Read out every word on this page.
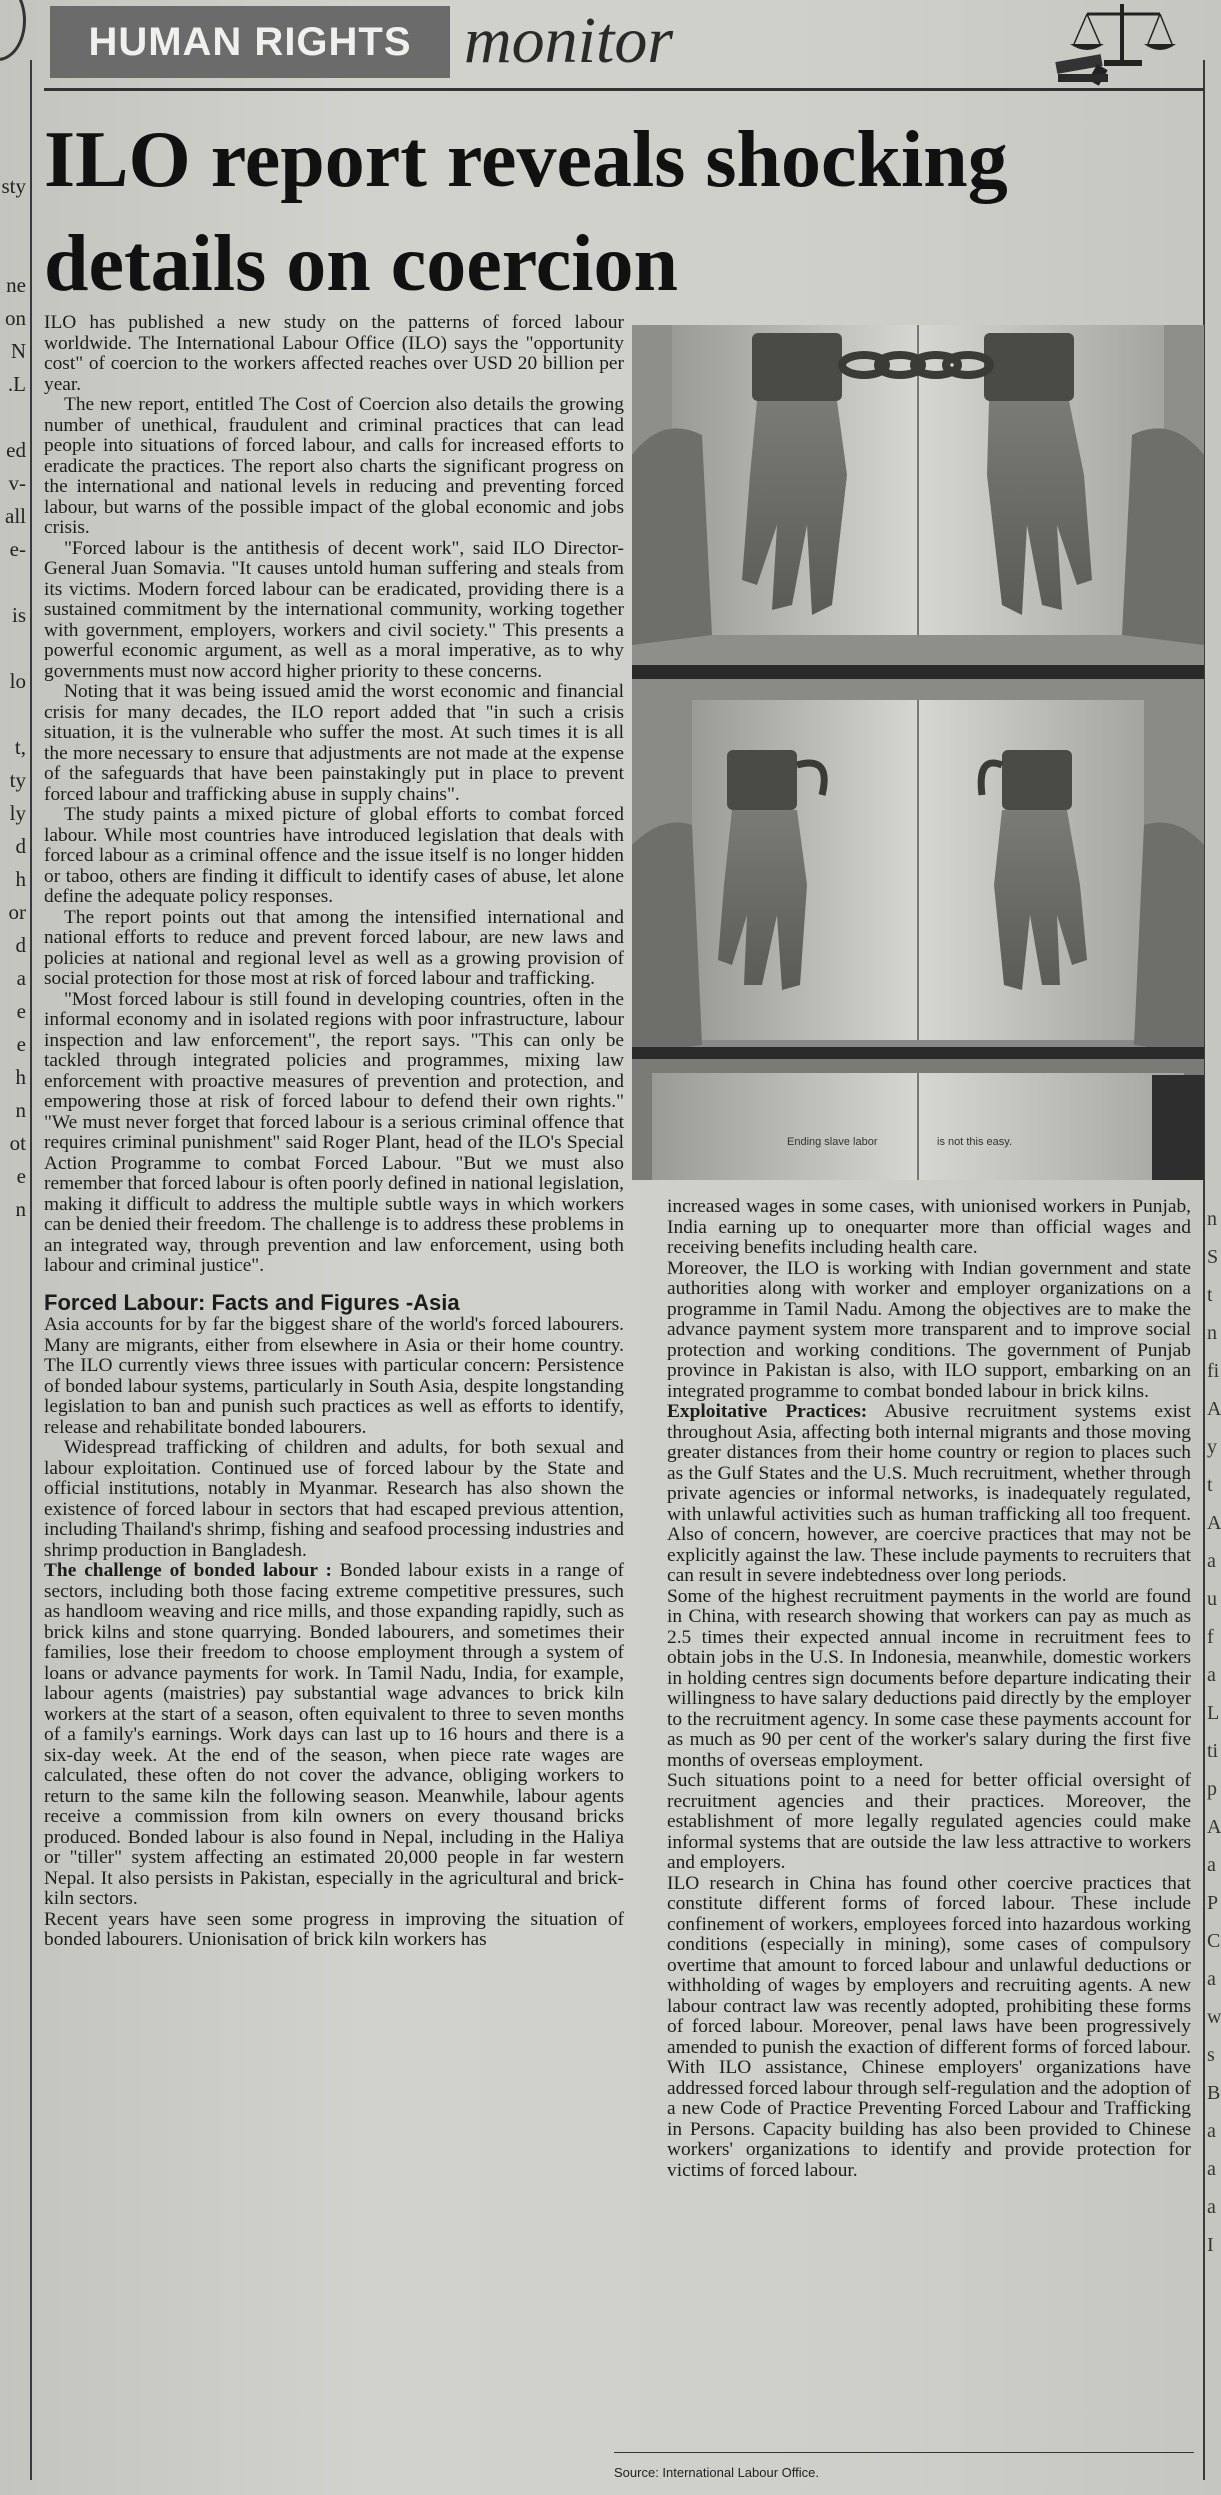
sty
ne
on
N
.L
ed
v-
all
e-
is
lo
t,
ty
ly
d
h
or
d
a
e
e
h
n
ot
e
n	n
S
t
n
fi
A
y
t
A
a
u
f
a
L
ti
p
A
a
P
C
a
w
s
B
a
a
a
I
HUMAN RIGHTS monitor
ILO report reveals shocking
details on coercion

ILO has published a new study on the patterns of forced labour worldwide. The International Labour Office (ILO) says the "opportunity cost" of coercion to the workers affected reaches over USD 20 billion per year.

The new report, entitled The Cost of Coercion also details the growing number of unethical, fraudulent and criminal practices that can lead people into situations of forced labour, and calls for increased efforts to eradicate the practices. The report also charts the significant progress on the international and national levels in reducing and preventing forced labour, but warns of the possible impact of the global economic and jobs crisis.

"Forced labour is the antithesis of decent work", said ILO Director-General Juan Somavia. "It causes untold human suffering and steals from its victims. Modern forced labour can be eradicated, providing there is a sustained commitment by the international community, working together with government, employers, workers and civil society." This presents a powerful economic argument, as well as a moral imperative, as to why governments must now accord higher priority to these concerns.

Noting that it was being issued amid the worst economic and financial crisis for many decades, the ILO report added that "in such a crisis situation, it is the vulnerable who suffer the most. At such times it is all the more necessary to ensure that adjustments are not made at the expense of the safeguards that have been painstakingly put in place to prevent forced labour and trafficking abuse in supply chains".

The study paints a mixed picture of global efforts to combat forced labour. While most countries have introduced legislation that deals with forced labour as a criminal offence and the issue itself is no longer hidden or taboo, others are finding it difficult to identify cases of abuse, let alone define the adequate policy responses.

The report points out that among the intensified international and national efforts to reduce and prevent forced labour, are new laws and policies at national and regional level as well as a growing provision of social protection for those most at risk of forced labour and trafficking.

"Most forced labour is still found in developing countries, often in the informal economy and in isolated regions with poor infrastructure, labour inspection and law enforcement", the report says. "This can only be tackled through integrated policies and programmes, mixing law enforcement with proactive measures of prevention and protection, and empowering those at risk of forced labour to defend their own rights." "We must never forget that forced labour is a serious criminal offence that requires criminal punishment" said Roger Plant, head of the ILO's Special Action Programme to combat Forced Labour. "But we must also remember that forced labour is often poorly defined in national legislation, making it difficult to address the multiple subtle ways in which workers can be denied their freedom. The challenge is to address these problems in an integrated way, through prevention and law enforcement, using both labour and criminal justice".

Forced Labour: Facts and Figures -Asia

Asia accounts for by far the biggest share of the world's forced labourers. Many are migrants, either from elsewhere in Asia or their home country. The ILO currently views three issues with particular concern: Persistence of bonded labour systems, particularly in South Asia, despite longstanding legislation to ban and punish such practices as well as efforts to identify, release and rehabilitate bonded labourers.

Widespread trafficking of children and adults, for both sexual and labour exploitation. Continued use of forced labour by the State and official institutions, notably in Myanmar. Research has also shown the existence of forced labour in sectors that had escaped previous attention, including Thailand's shrimp, fishing and seafood processing industries and shrimp production in Bangladesh.

The challenge of bonded labour : Bonded labour exists in a range of sectors, including both those facing extreme competitive pressures, such as handloom weaving and rice mills, and those expanding rapidly, such as brick kilns and stone quarrying. Bonded labourers, and sometimes their families, lose their freedom to choose employment through a system of loans or advance payments for work. In Tamil Nadu, India, for example, labour agents (maistries) pay substantial wage advances to brick kiln workers at the start of a season, often equivalent to three to seven months of a family's earnings. Work days can last up to 16 hours and there is a six-day week. At the end of the season, when piece rate wages are calculated, these often do not cover the advance, obliging workers to return to the same kiln the following season. Meanwhile, labour agents receive a commission from kiln owners on every thousand bricks produced. Bonded labour is also found in Nepal, including in the Haliya or "tiller" system affecting an estimated 20,000 people in far western Nepal. It also persists in Pakistan, especially in the agricultural and brick-kiln sectors.

Recent years have seen some progress in improving the situation of bonded labourers. Unionisation of brick kiln workers has

Ending slave labor	is not this easy.

increased wages in some cases, with unionised workers in Punjab, India earning up to onequarter more than official wages and receiving benefits including health care.

Moreover, the ILO is working with Indian government and state authorities along with worker and employer organizations on a programme in Tamil Nadu. Among the objectives are to make the advance payment system more transparent and to improve social protection and working conditions. The government of Punjab province in Pakistan is also, with ILO support, embarking on an integrated programme to combat bonded labour in brick kilns.

Exploitative Practices: Abusive recruitment systems exist throughout Asia, affecting both internal migrants and those moving greater distances from their home country or region to places such as the Gulf States and the U.S. Much recruitment, whether through private agencies or informal networks, is inadequately regulated, with unlawful activities such as human trafficking all too frequent. Also of concern, however, are coercive practices that may not be explicitly against the law. These include payments to recruiters that can result in severe indebtedness over long periods.

Some of the highest recruitment payments in the world are found in China, with research showing that workers can pay as much as 2.5 times their expected annual income in recruitment fees to obtain jobs in the U.S. In Indonesia, meanwhile, domestic workers in holding centres sign documents before departure indicating their willingness to have salary deductions paid directly by the employer to the recruitment agency. In some case these payments account for as much as 90 per cent of the worker's salary during the first five months of overseas employment.

Such situations point to a need for better official oversight of recruitment agencies and their practices. Moreover, the establishment of more legally regulated agencies could make informal systems that are outside the law less attractive to workers and employers.

ILO research in China has found other coercive practices that constitute different forms of forced labour. These include confinement of workers, employees forced into hazardous working conditions (especially in mining), some cases of compulsory overtime that amount to forced labour and unlawful deductions or withholding of wages by employers and recruiting agents. A new labour contract law was recently adopted, prohibiting these forms of forced labour. Moreover, penal laws have been progressively amended to punish the exaction of different forms of forced labour. With ILO assistance, Chinese employers' organizations have addressed forced labour through self-regulation and the adoption of a new Code of Practice Preventing Forced Labour and Trafficking in Persons. Capacity building has also been provided to Chinese workers' organizations to identify and provide protection for victims of forced labour.

Source: International Labour Office.
